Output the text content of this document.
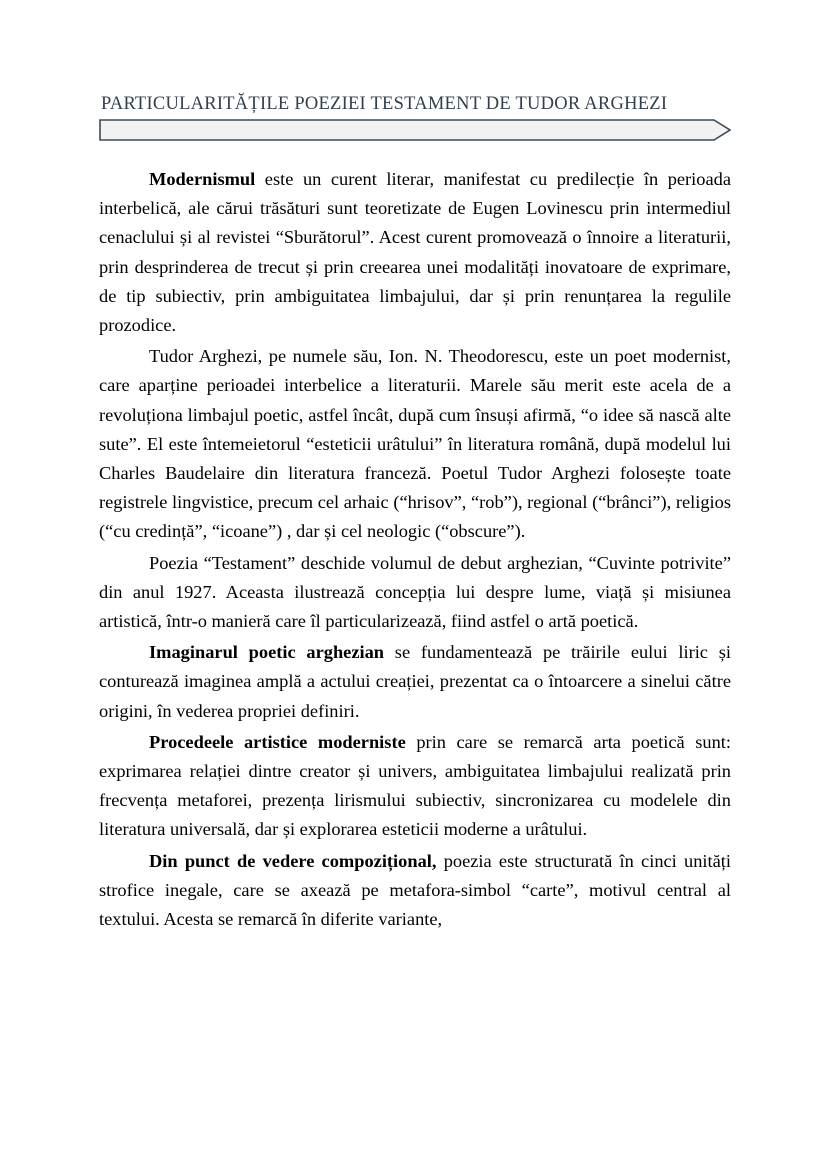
PARTICULARITĂȚILE POEZIEI TESTAMENT DE TUDOR ARGHEZI

Modernismul este un curent literar, manifestat cu predilecție în perioada interbelică, ale cărui trăsături sunt teoretizate de Eugen Lovinescu prin intermediul cenaclului și al revistei “Sburătorul”. Acest curent promovează o înnoire a literaturii, prin desprinderea de trecut și prin creearea unei modalități inovatoare de exprimare, de tip subiectiv, prin ambiguitatea limbajului, dar și prin renunțarea la regulile prozodice.

Tudor Arghezi, pe numele său, Ion. N. Theodorescu, este un poet modernist, care aparține perioadei interbelice a literaturii. Marele său merit este acela de a revoluționa limbajul poetic, astfel încât, după cum însuși afirmă, “o idee să nască alte sute”. El este întemeietorul “esteticii urâtului” în literatura română, după modelul lui Charles Baudelaire din literatura franceză. Poetul Tudor Arghezi folosește toate registrele lingvistice, precum cel arhaic (“hrisov”, “rob”), regional (“brânci”), religios (“cu credință”, “icoane”) , dar și cel neologic (“obscure”).

Poezia “Testament” deschide volumul de debut arghezian, “Cuvinte potrivite” din anul 1927. Aceasta ilustrează concepția lui despre lume, viață și misiunea artistică, într-o manieră care îl particularizează, fiind astfel o artă poetică.

Imaginarul poetic arghezian se fundamentează pe trăirile eului liric și conturează imaginea amplă a actului creației, prezentat ca o întoarcere a sinelui către origini, în vederea propriei definiri.

Procedeele artistice moderniste prin care se remarcă arta poetică sunt: exprimarea relației dintre creator și univers, ambiguitatea limbajului realizată prin frecvența metaforei, prezența lirismului subiectiv, sincronizarea cu modelele din literatura universală, dar și explorarea esteticii moderne a urâtului.

Din punct de vedere compozițional, poezia este structurată în cinci unități strofice inegale, care se axează pe metafora-simbol “carte”, motivul central al textului. Acesta se remarcă în diferite variante,
